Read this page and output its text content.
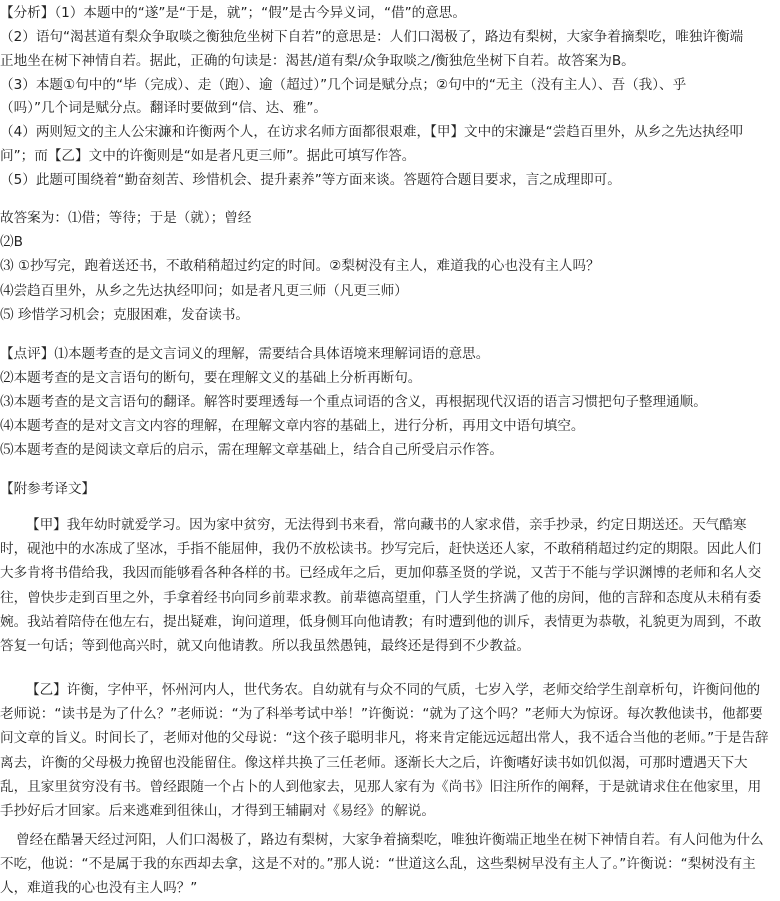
【分析】（1）本题中的“遂”是“于是，就”；“假”是古今异义词，“借”的意思。
（2）语句“渴甚道有梨众争取啖之衡独危坐树下自若”的意思是：人们口渴极了，路边有梨树，大家争着摘梨吃，唯独许衡端
正地坐在树下神情自若。据此，正确的句读是：渴甚/道有梨/众争取啖之/衡独危坐树下自若。故答案为B。
（3）本题①句中的“毕（完成）、走（跑）、逾（超过）”几个词是赋分点；②句中的“无主（没有主人）、吾（我）、乎
（吗）”几个词是赋分点。翻译时要做到“信、达、雅”。
（4）两则短文的主人公宋濂和许衡两个人，在访求名师方面都很艰难，【甲】文中的宋濂是“尝趋百里外，从乡之先达执经叩
问”；而【乙】文中的许衡则是“如是者凡更三师”。据此可填写作答。
（5）此题可围绕着“勤奋刻苦、珍惜机会、提升素养”等方面来谈。答题符合题目要求，言之成理即可。
故答案为：⑴借；等待；于是（就）；曾经
⑵B
⑶ ①抄写完，跑着送还书，不敢稍稍超过约定的时间。②梨树没有主人，难道我的心也没有主人吗？
⑷尝趋百里外，从乡之先达执经叩问；如是者凡更三师（凡更三师）
⑸ 珍惜学习机会；克服困难，发奋读书。
【点评】⑴本题考查的是文言词义的理解，需要结合具体语境来理解词语的意思。
⑵本题考查的是文言语句的断句，要在理解文义的基础上分析再断句。
⑶本题考查的是文言语句的翻译。解答时要理透每一个重点词语的含义，再根据现代汉语的语言习惯把句子整理通顺。
⑷本题考查的是对文言文内容的理解，在理解文章内容的基础上，进行分析，再用文中语句填空。
⑸本题考查的是阅读文章后的启示，需在理解文章基础上，结合自己所受启示作答。
【附参考译文】
【甲】我年幼时就爱学习。因为家中贫穷，无法得到书来看，常向藏书的人家求借，亲手抄录，约定日期送还。天气酷寒时，砚池中的水冻成了坚冰，手指不能屈伸，我仍不放松读书。抄写完后，赶快送还人家，不敢稍稍超过约定的期限。因此人们大多肯将书借给我，我因而能够看各种各样的书。已经成年之后，更加仰慕圣贤的学说，又苦于不能与学识渊博的老师和名人交往，曾快步走到百里之外，手拿着经书向同乡前辈求教。前辈德高望重，门人学生挤满了他的房间，他的言辞和态度从未稍有委婉。我站着陪侍在他左右，提出疑难，询问道理，低身侧耳向他请教；有时遭到他的训斥，表情更为恭敬，礼貌更为周到，不敢答复一句话；等到他高兴时，就又向他请教。所以我虽然愚钝，最终还是得到不少教益。
【乙】许衡，字仲平，怀州河内人，世代务农。自幼就有与众不同的气质，七岁入学，老师交给学生剖章析句，许衡问他的老师说：“读书是为了什么？”老师说：“为了科举考试中举！”许衡说：“就为了这个吗？”老师大为惊讶。每次教他读书，他都要问文章的旨义。时间长了，老师对他的父母说：“这个孩子聪明非凡，将来肯定能远远超出常人，我不适合当他的老师。”于是告辞离去，许衡的父母极力挽留也没能留住。像这样共换了三任老师。逐渐长大之后，许衡嗜好读书如饥似渴，可那时遭遇天下大乱，且家里贫穷没有书。曾经跟随一个占卜的人到他家去，见那人家有为《尚书》旧注所作的阐释，于是就请求住在他家里，用手抄好后才回家。后来逃难到徂徕山，才得到王辅嗣对《易经》的解说。
曾经在酷暑天经过河阳，人们口渴极了，路边有梨树，大家争着摘梨吃，唯独许衡端正地坐在树下神情自若。有人问他为什么不吃，他说：“不是属于我的东西却去拿，这是不对的。”那人说：“世道这么乱，这些梨树早没有主人了。”许衡说：“梨树没有主人，难道我的心也没有主人吗？”
